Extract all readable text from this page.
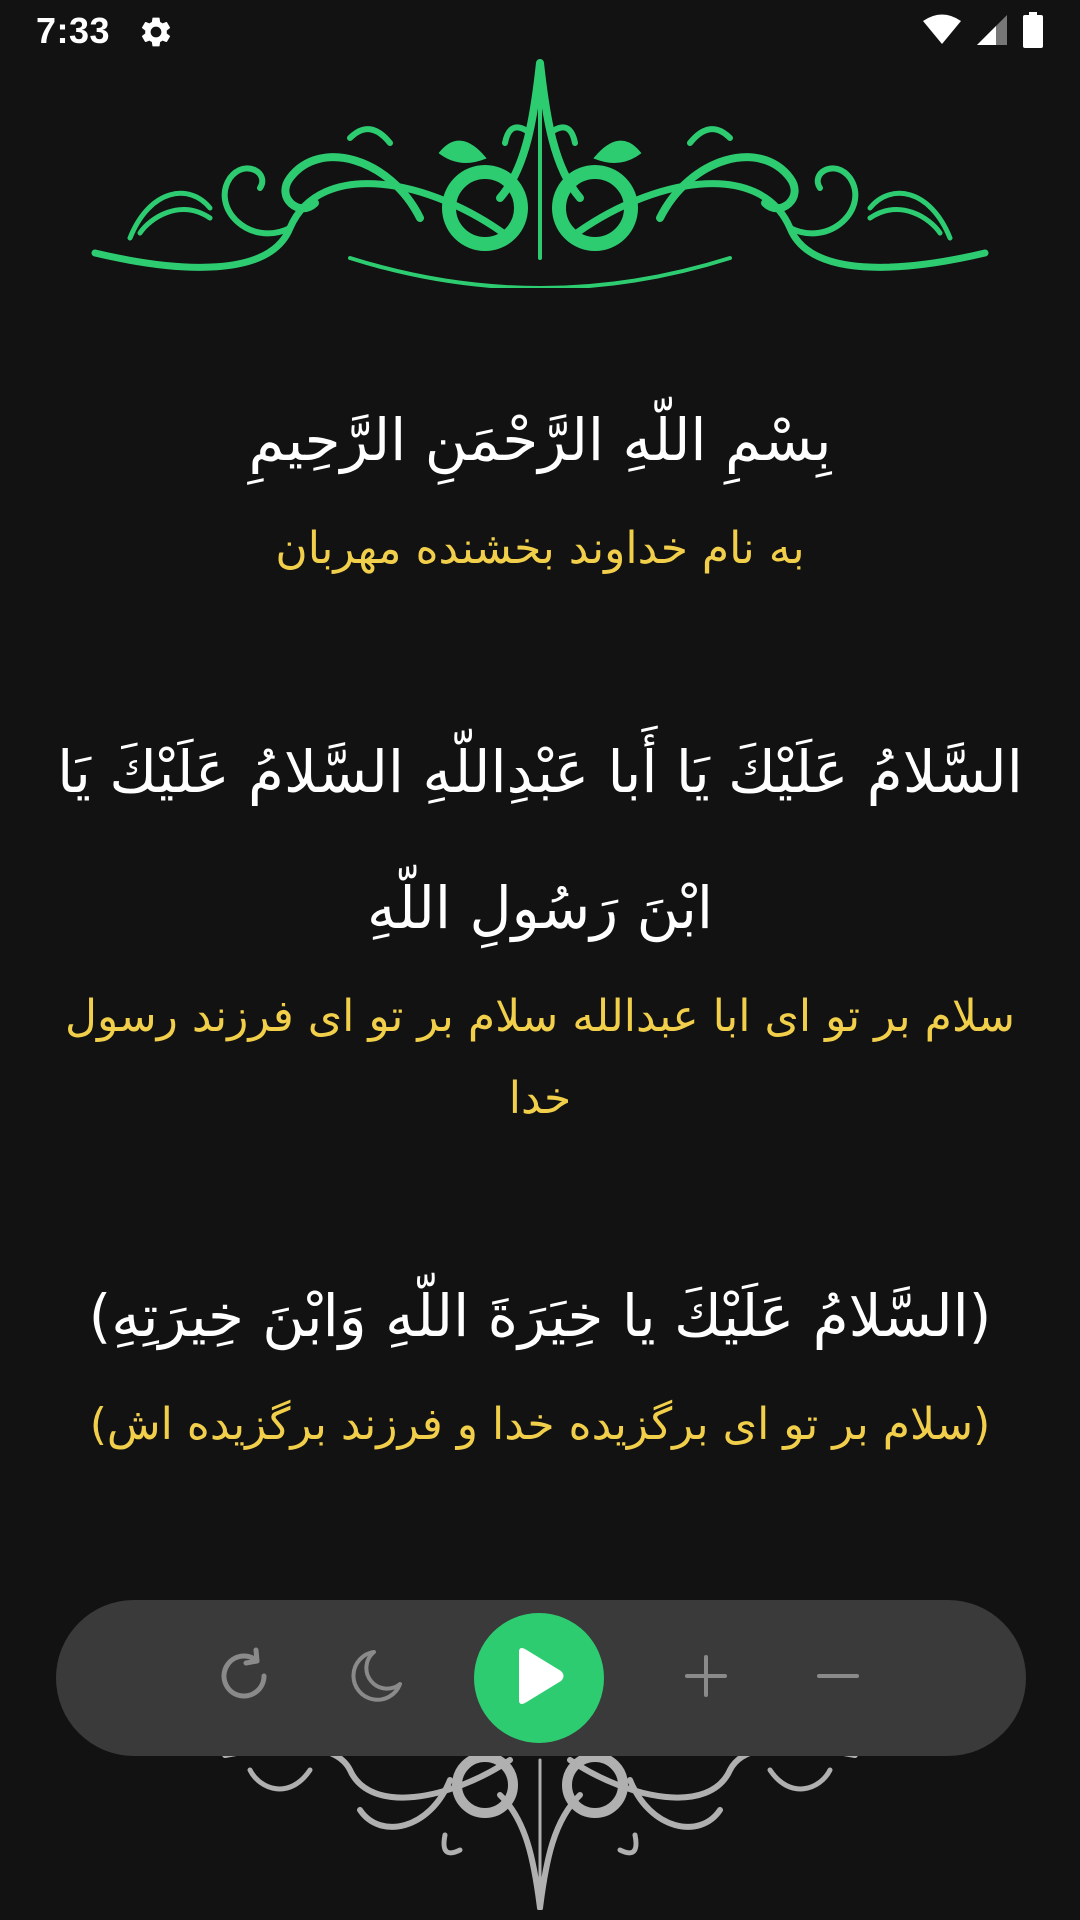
7:33
بِسْمِ اللّهِ الرَّحْمَنِ الرَّحِيمِ
به نام خداوند بخشنده مهربان
السَّلامُ عَلَيْكَ يَا أَبا عَبْدِاللّهِ السَّلامُ عَلَيْكَ يَا ابْنَ رَسُولِ اللّهِ
سلام بر تو ای ابا عبدالله سلام بر تو ای فرزند رسول خدا
(السَّلامُ عَلَيْكَ يا خِيَرَةَ اللّهِ وَابْنَ خِيرَتِهِ)
(سلام بر تو ای برگزیده خدا و فرزند برگزیده اش)
